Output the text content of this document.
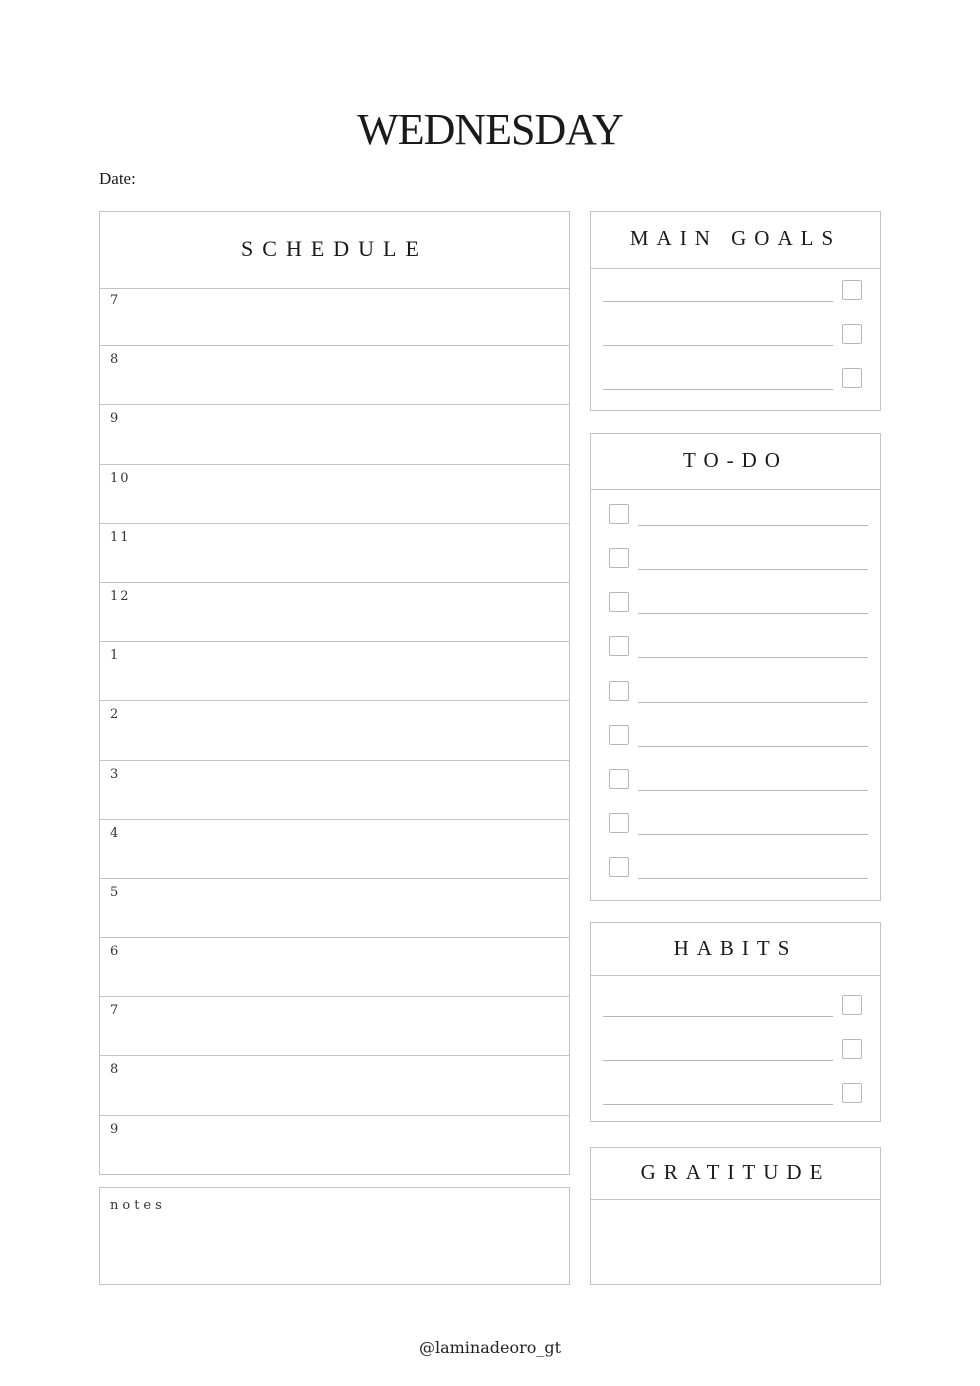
WEDNESDAY
Date:
SCHEDULE
7
8
9
10
11
12
1
2
3
4
5
6
7
8
9
notes
MAIN GOALS
TO-DO
HABITS
GRATITUDE
@laminadeoro_gt
